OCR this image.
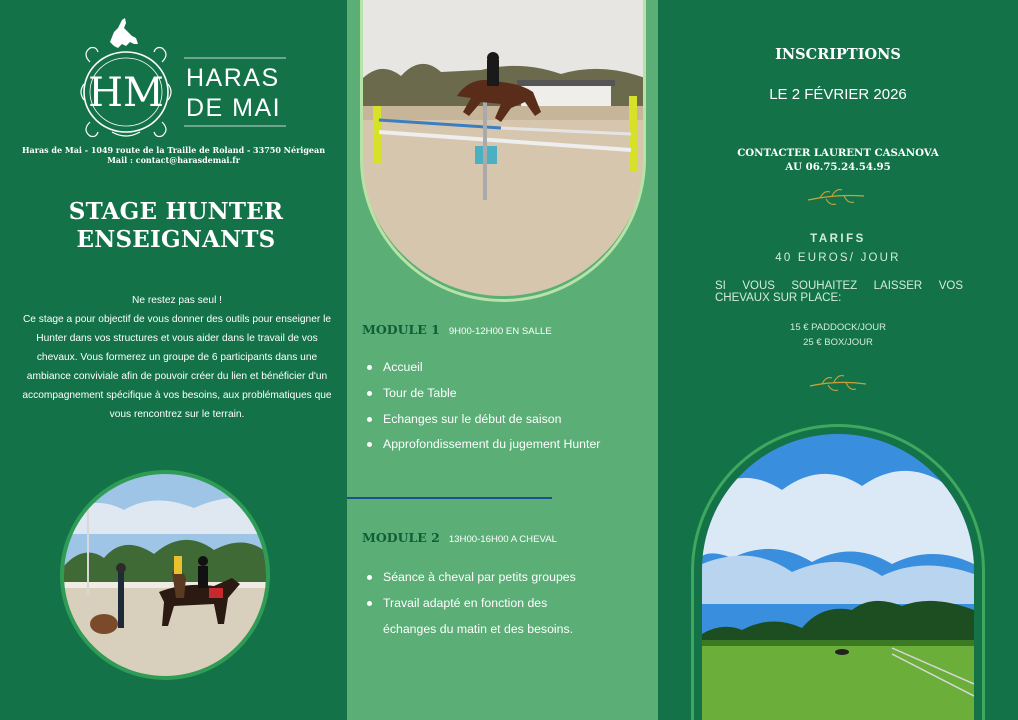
HM HARAS
DE MAI
Haras de Mai - 1049 route de la Traille de Roland - 33750 Nérigean
Mail : contact@harasdemai.fr
STAGE HUNTER
ENSEIGNANTS
Ne restez pas seul !
Ce stage a pour objectif de vous donner des outils pour enseigner le Hunter dans vos structures et vous aider dans le travail de vos chevaux. Vous formerez un groupe de 6 participants dans une ambiance conviviale afin de pouvoir créer du lien et bénéficier d'un accompagnement spécifique à vos besoins, aux problématiques que vous rencontrez sur le terrain.
MODULE 1 9H00-12H00 EN SALLE
Accueil
Tour de Table
Echanges sur le début de saison
Approfondissement du jugement Hunter
MODULE 2 13H00-16H00 A CHEVAL
Séance à cheval par petits groupes
Travail adapté en fonction des
échanges du matin et des besoins.
INSCRIPTIONS
LE 2 FÉVRIER 2026
CONTACTER LAURENT CASANOVA
AU 06.75.24.54.95
TARIFS
40 EUROS/ JOUR
SI VOUS SOUHAITEZ LAISSER VOS CHEVAUX SUR PLACE:
15 € PADDOCK/JOUR
25 € BOX/JOUR
